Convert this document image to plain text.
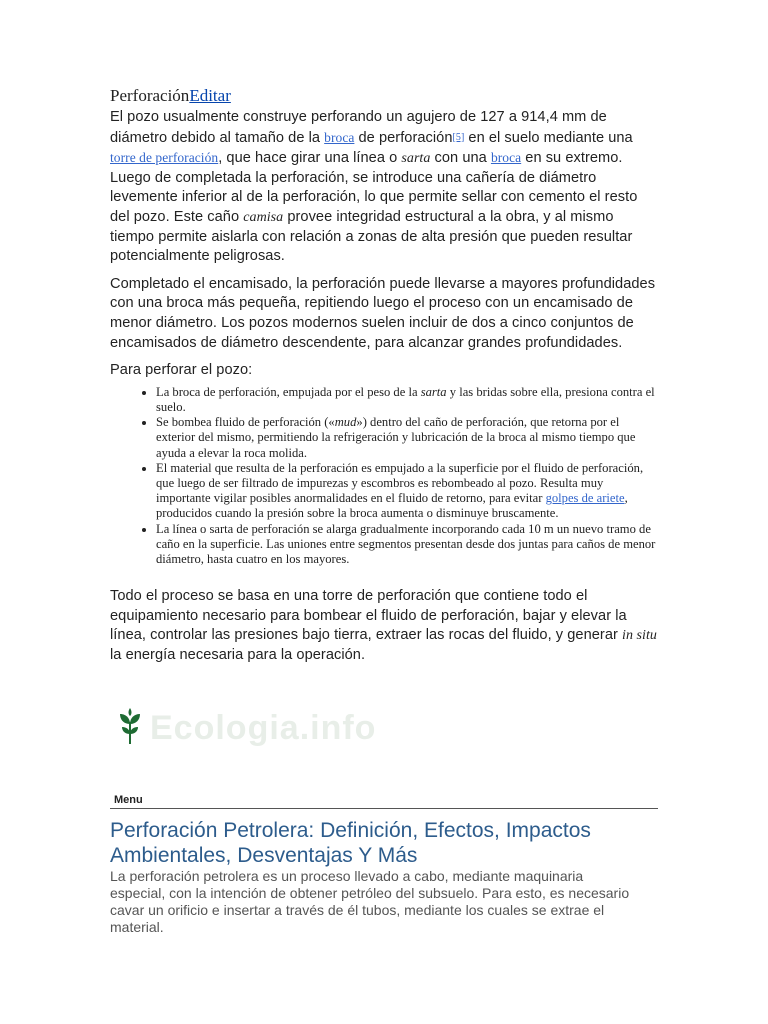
PerforaciónEditar

El pozo usualmente construye perforando un agujero de 127 a 914,4 mm de diámetro debido al tamaño de la broca de perforación[5] en el suelo mediante una torre de perforación, que hace girar una línea o sarta con una broca en su extremo. Luego de completada la perforación, se introduce una cañería de diámetro levemente inferior al de la perforación, lo que permite sellar con cemento el resto del pozo. Este caño camisa provee integridad estructural a la obra, y al mismo tiempo permite aislarla con relación a zonas de alta presión que pueden resultar potencialmente peligrosas.

Completado el encamisado, la perforación puede llevarse a mayores profundidades con una broca más pequeña, repitiendo luego el proceso con un encamisado de menor diámetro. Los pozos modernos suelen incluir de dos a cinco conjuntos de encamisados de diámetro descendente, para alcanzar grandes profundidades.

Para perforar el pozo:

• La broca de perforación, empujada por el peso de la sarta y las bridas sobre ella, presiona contra el suelo.
• Se bombea fluido de perforación («mud») dentro del caño de perforación, que retorna por el exterior del mismo, permitiendo la refrigeración y lubricación de la broca al mismo tiempo que ayuda a elevar la roca molida.
• El material que resulta de la perforación es empujado a la superficie por el fluido de perforación, que luego de ser filtrado de impurezas y escombros es rebombeado al pozo. Resulta muy importante vigilar posibles anormalidades en el fluido de retorno, para evitar golpes de ariete, producidos cuando la presión sobre la broca aumenta o disminuye bruscamente.
• La línea o sarta de perforación se alarga gradualmente incorporando cada 10 m un nuevo tramo de caño en la superficie. Las uniones entre segmentos presentan desde dos juntas para caños de menor diámetro, hasta cuatro en los mayores.

Todo el proceso se basa en una torre de perforación que contiene todo el equipamiento necesario para bombear el fluido de perforación, bajar y elevar la línea, controlar las presiones bajo tierra, extraer las rocas del fluido, y generar in situ la energía necesaria para la operación.

Ecologia.info
Menu
Perforación Petrolera: Definición, Efectos, Impactos Ambientales, Desventajas Y Más

La perforación petrolera es un proceso llevado a cabo, mediante maquinaria especial, con la intención de obtener petróleo del subsuelo. Para esto, es necesario cavar un orificio e insertar a través de él tubos, mediante los cuales se extrae el material.
